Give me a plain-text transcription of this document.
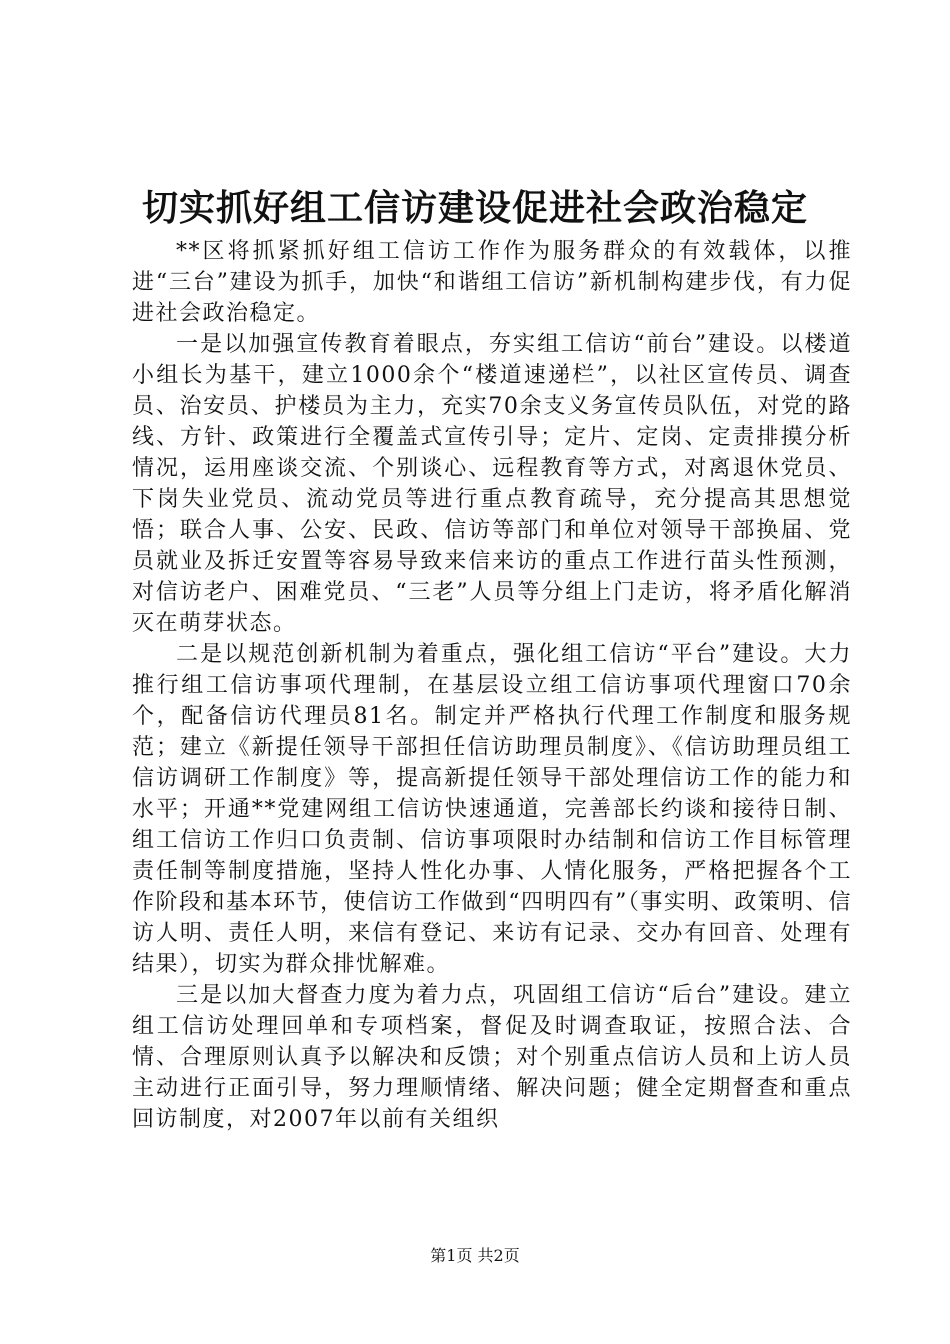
切实抓好组工信访建设促进社会政治稳定

**区将抓紧抓好组工信访工作作为服务群众的有效载体，以推进“三台”建设为抓手，加快“和谐组工信访”新机制构建步伐，有力促进社会政治稳定。

一是以加强宣传教育着眼点，夯实组工信访“前台”建设。以楼道小组长为基干，建立1000余个“楼道速递栏”，以社区宣传员、调查员、治安员、护楼员为主力，充实70余支义务宣传员队伍，对党的路线、方针、政策进行全覆盖式宣传引导；定片、定岗、定责排摸分析情况，运用座谈交流、个别谈心、远程教育等方式，对离退休党员、下岗失业党员、流动党员等进行重点教育疏导，充分提高其思想觉悟；联合人事、公安、民政、信访等部门和单位对领导干部换届、党员就业及拆迁安置等容易导致来信来访的重点工作进行苗头性预测，对信访老户、困难党员、“三老”人员等分组上门走访，将矛盾化解消灭在萌芽状态。

二是以规范创新机制为着重点，强化组工信访“平台”建设。大力推行组工信访事项代理制，在基层设立组工信访事项代理窗口70余个，配备信访代理员81名。制定并严格执行代理工作制度和服务规范；建立《新提任领导干部担任信访助理员制度》、《信访助理员组工信访调研工作制度》等，提高新提任领导干部处理信访工作的能力和水平；开通**党建网组工信访快速通道，完善部长约谈和接待日制、组工信访工作归口负责制、信访事项限时办结制和信访工作目标管理责任制等制度措施，坚持人性化办事、人情化服务，严格把握各个工作阶段和基本环节，使信访工作做到“四明四有”（事实明、政策明、信访人明、责任人明，来信有登记、来访有记录、交办有回音、处理有结果），切实为群众排忧解难。

三是以加大督查力度为着力点，巩固组工信访“后台”建设。建立组工信访处理回单和专项档案，督促及时调查取证，按照合法、合情、合理原则认真予以解决和反馈；对个别重点信访人员和上访人员主动进行正面引导，努力理顺情绪、解决问题；健全定期督查和重点回访制度，对2007年以前有关组织

第1页 共2页
